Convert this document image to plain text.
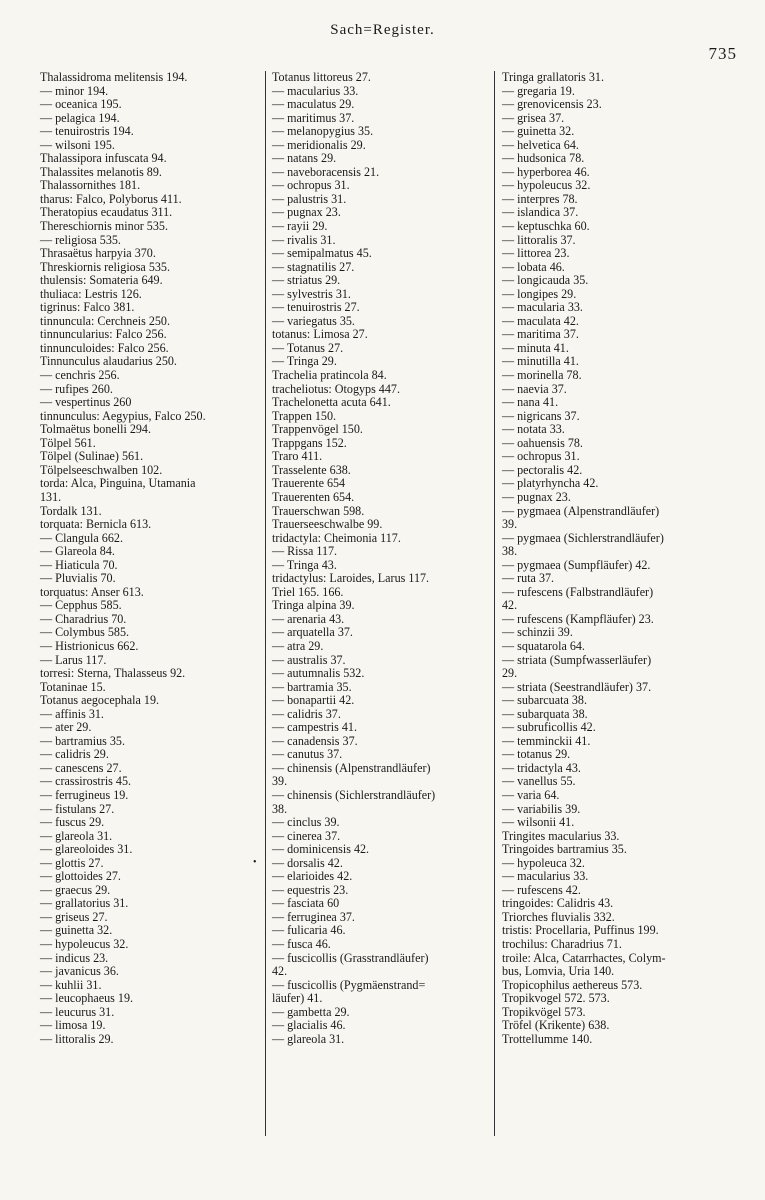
Sach=Register.
735
•
Thalassidroma melitensis 194.
— minor 194.
— oceanica 195.
— pelagica 194.
— tenuirostris 194.
— wilsoni 195.
Thalassipora infuscata 94.
Thalassites melanotis 89.
Thalassornithes 181.
tharus: Falco, Polyborus 411.
Theratopius ecaudatus 311.
Thereschiornis minor 535.
— religiosa 535.
Thrasaëtus harpyia 370.
Threskiornis religiosa 535.
thulensis: Somateria 649.
thuliaca: Lestris 126.
tigrinus: Falco 381.
tinnuncula: Cerchneis 250.
tinnuncularius: Falco 256.
tinnunculoides: Falco 256.
Tinnunculus alaudarius 250.
— cenchris 256.
— rufipes 260.
— vespertinus 260
tinnunculus: Aegypius, Falco 250.
Tolmaëtus bonelli 294.
Tölpel 561.
Tölpel (Sulinae) 561.
Tölpelseeschwalben 102.
torda: Alca, Pinguina, Utamania
131.
Tordalk 131.
torquata: Bernicla 613.
— Clangula 662.
— Glareola 84.
— Hiaticula 70.
— Pluvialis 70.
torquatus: Anser 613.
— Cepphus 585.
— Charadrius 70.
— Colymbus 585.
— Histrionicus 662.
— Larus 117.
torresi: Sterna, Thalasseus 92.
Totaninae 15.
Totanus aegocephala 19.
— affinis 31.
— ater 29.
— bartramius 35.
— calidris 29.
— canescens 27.
— crassirostris 45.
— ferrugineus 19.
— fistulans 27.
— fuscus 29.
— glareola 31.
— glareoloides 31.
— glottis 27.
— glottoides 27.
— graecus 29.
— grallatorius 31.
— griseus 27.
— guinetta 32.
— hypoleucus 32.
— indicus 23.
— javanicus 36.
— kuhlii 31.
— leucophaeus 19.
— leucurus 31.
— limosa 19.
— littoralis 29.
Totanus littoreus 27.
— macularius 33.
— maculatus 29.
— maritimus 37.
— melanopygius 35.
— meridionalis 29.
— natans 29.
— naveboracensis 21.
— ochropus 31.
— palustris 31.
— pugnax 23.
— rayii 29.
— rivalis 31.
— semipalmatus 45.
— stagnatilis 27.
— striatus 29.
— sylvestris 31.
— tenuirostris 27.
— variegatus 35.
totanus: Limosa 27.
— Totanus 27.
— Tringa 29.
Trachelia pratincola 84.
tracheliotus: Otogyps 447.
Trachelonetta acuta 641.
Trappen 150.
Trappenvögel 150.
Trappgans 152.
Traro 411.
Trasselente 638.
Trauerente 654
Trauerenten 654.
Trauerschwan 598.
Trauerseeschwalbe 99.
tridactyla: Cheimonia 117.
— Rissa 117.
— Tringa 43.
tridactylus: Laroides, Larus 117.
Triel 165. 166.
Tringa alpina 39.
— arenaria 43.
— arquatella 37.
— atra 29.
— australis 37.
— autumnalis 532.
— bartramia 35.
— bonapartii 42.
— calidris 37.
— campestris 41.
— canadensis 37.
— canutus 37.
— chinensis (Alpenstrandläufer)
39.
— chinensis (Sichlerstrandläufer)
38.
— cinclus 39.
— cinerea 37.
— dominicensis 42.
— dorsalis 42.
— elarioides 42.
— equestris 23.
— fasciata 60
— ferruginea 37.
— fulicaria 46.
— fusca 46.
— fuscicollis (Grasstrandläufer)
42.
— fuscicollis (Pygmäenstrand=
läufer) 41.
— gambetta 29.
— glacialis 46.
— glareola 31.
Tringa grallatoris 31.
— gregaria 19.
— grenovicensis 23.
— grisea 37.
— guinetta 32.
— helvetica 64.
— hudsonica 78.
— hyperborea 46.
— hypoleucus 32.
— interpres 78.
— islandica 37.
— keptuschka 60.
— littoralis 37.
— littorea 23.
— lobata 46.
— longicauda 35.
— longipes 29.
— macularia 33.
— maculata 42.
— maritima 37.
— minuta 41.
— minutilla 41.
— morinella 78.
— naevia 37.
— nana 41.
— nigricans 37.
— notata 33.
— oahuensis 78.
— ochropus 31.
— pectoralis 42.
— platyrhyncha 42.
— pugnax 23.
— pygmaea (Alpenstrandläufer)
39.
— pygmaea (Sichlerstrandläufer)
38.
— pygmaea (Sumpfläufer) 42.
— ruta 37.
— rufescens (Falbstrandläufer)
42.
— rufescens (Kampfläufer) 23.
— schinzii 39.
— squatarola 64.
— striata (Sumpfwasserläufer)
29.
— striata (Seestrandläufer) 37.
— subarcuata 38.
— subarquata 38.
— subruficollis 42.
— temminckii 41.
— totanus 29.
— tridactyla 43.
— vanellus 55.
— varia 64.
— variabilis 39.
— wilsonii 41.
Tringites macularius 33.
Tringoides bartramius 35.
— hypoleuca 32.
— macularius 33.
— rufescens 42.
tringoides: Calidris 43.
Triorches fluvialis 332.
tristis: Procellaria, Puffinus 199.
trochilus: Charadrius 71.
troile: Alca, Catarrhactes, Colym-
bus, Lomvia, Uria 140.
Tropicophilus aethereus 573.
Tropikvogel 572. 573.
Tropikvögel 573.
Tröfel (Krikente) 638.
Trottellumme 140.
